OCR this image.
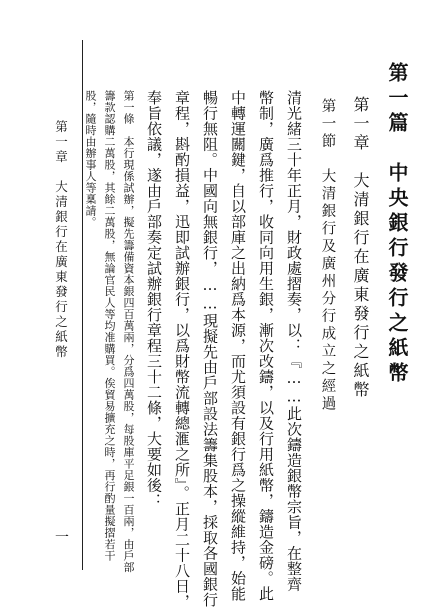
第一篇　中央銀行發行之紙幣
第一章　大清銀行在廣東發行之紙幣
第一節　大清銀行及廣州分行成立之經過
清光緒三十年正月，財政處摺奏，以：『……此次鑄造銀幣宗旨，在整齊
幣制，廣爲推行，收同向用生銀，漸次改鑄，以及行用紙幣，鑄造金磅。此
中轉運關鍵，自以部庫之出納爲本源，而尤須設有銀行爲之操縱維持，始能
暢行無阻。中國向無銀行，……現擬先由戶部設法籌集股本，採取各國銀行
章程，斟酌損益，迅即試辦銀行，以爲財幣流轉總滙之所』。正月二十八日，
奉旨依議，遂由戶部奏定試辦銀行章程三十二條，大要如後：
第一條　本行現係試辦，擬先籌備資本銀四百萬兩，分爲四萬股，每股庫平足銀一百兩，由戶部
籌款認購二萬股，其餘二萬股，無論官民人等均准購買。俟貿易擴充之時，再行酌量擬摺若干
股，隨時由辦事人等稟請。
第一章　大清銀行在廣東發行之紙幣
一
